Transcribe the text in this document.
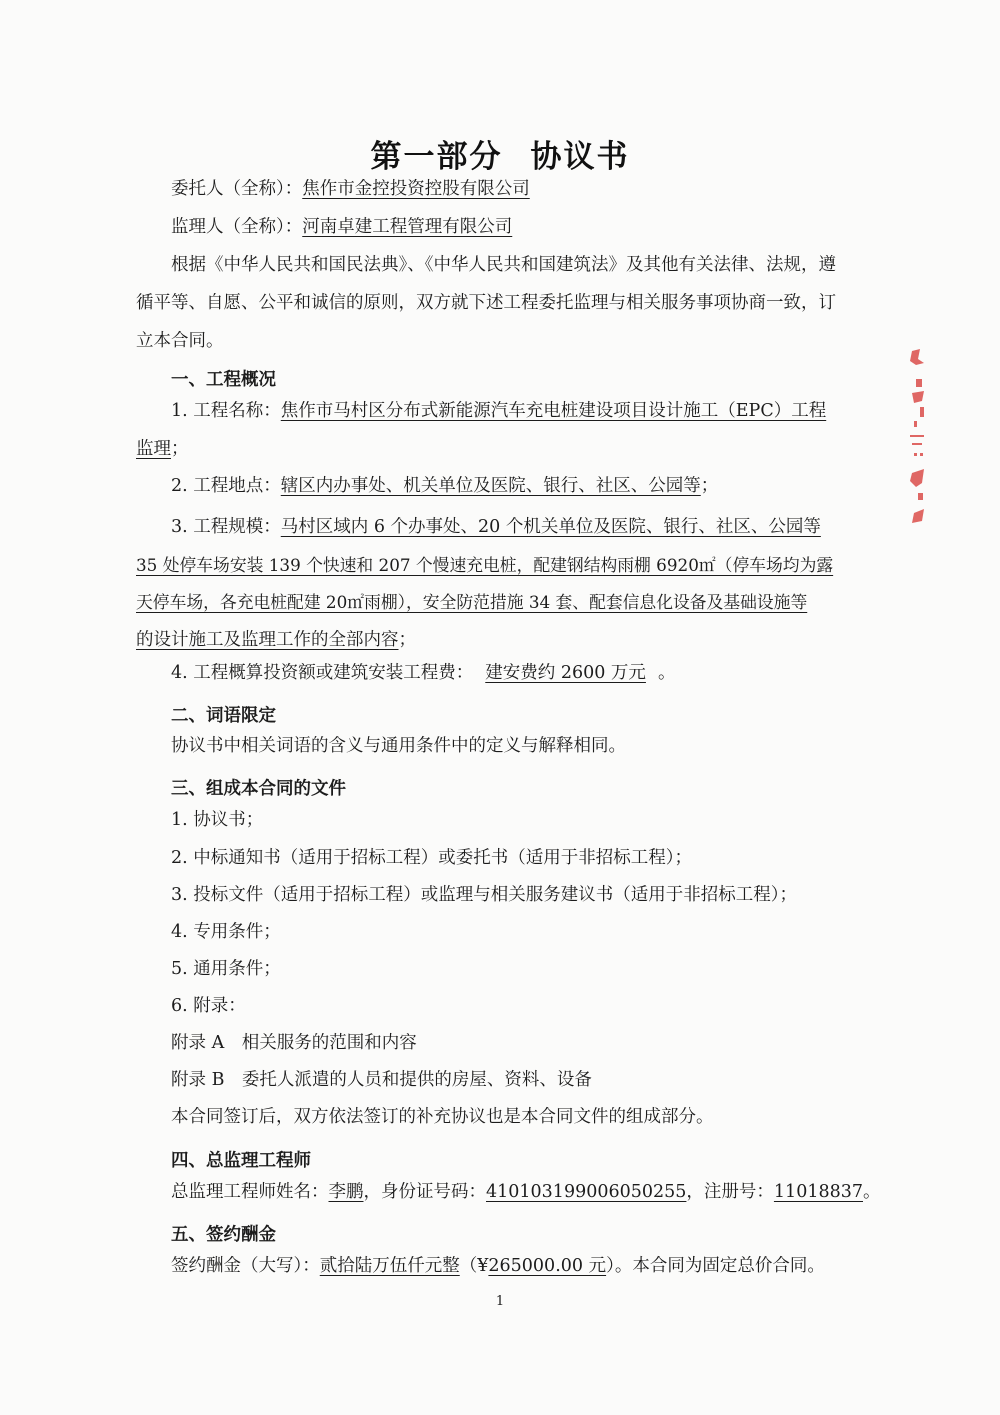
第一部分 协议书
委托人（全称）：焦作市金控投资控股有限公司
监理人（全称）：河南卓建工程管理有限公司

根据《中华人民共和国民法典》、《中华人民共和国建筑法》及其他有关法律、法规，遵循平等、自愿、公平和诚信的原则，双方就下述工程委托监理与相关服务事项协商一致，订立本合同。

一、工程概况
1. 工程名称：焦作市马村区分布式新能源汽车充电桩建设项目设计施工（EPC）工程
监理；
2. 工程地点：辖区内办事处、机关单位及医院、银行、社区、公园等；
3. 工程规模：马村区域内 6 个办事处、20 个机关单位及医院、银行、社区、公园等
35 处停车场安装 139 个快速和 207 个慢速充电桩，配建钢结构雨棚 6920㎡（停车场均为露
天停车场，各充电桩配建 20㎡雨棚），安全防范措施 34 套、配套信息化设备及基础设施等
的设计施工及监理工作的全部内容；
4. 工程概算投资额或建筑安装工程费： 建安费约 2600 万元 。
二、词语限定
协议书中相关词语的含义与通用条件中的定义与解释相同。
三、组成本合同的文件
1. 协议书；
2. 中标通知书（适用于招标工程）或委托书（适用于非招标工程）；
3. 投标文件（适用于招标工程）或监理与相关服务建议书（适用于非招标工程）；
4. 专用条件；
5. 通用条件；
6. 附录：
附录 A　相关服务的范围和内容
附录 B　委托人派遣的人员和提供的房屋、资料、设备
本合同签订后，双方依法签订的补充协议也是本合同文件的组成部分。
四、总监理工程师
总监理工程师姓名：李鹏，身份证号码：410103199006050255，注册号：11018837。
五、签约酬金
签约酬金（大写）：贰拾陆万伍仟元整（¥265000.00 元）。本合同为固定总价合同。
1
